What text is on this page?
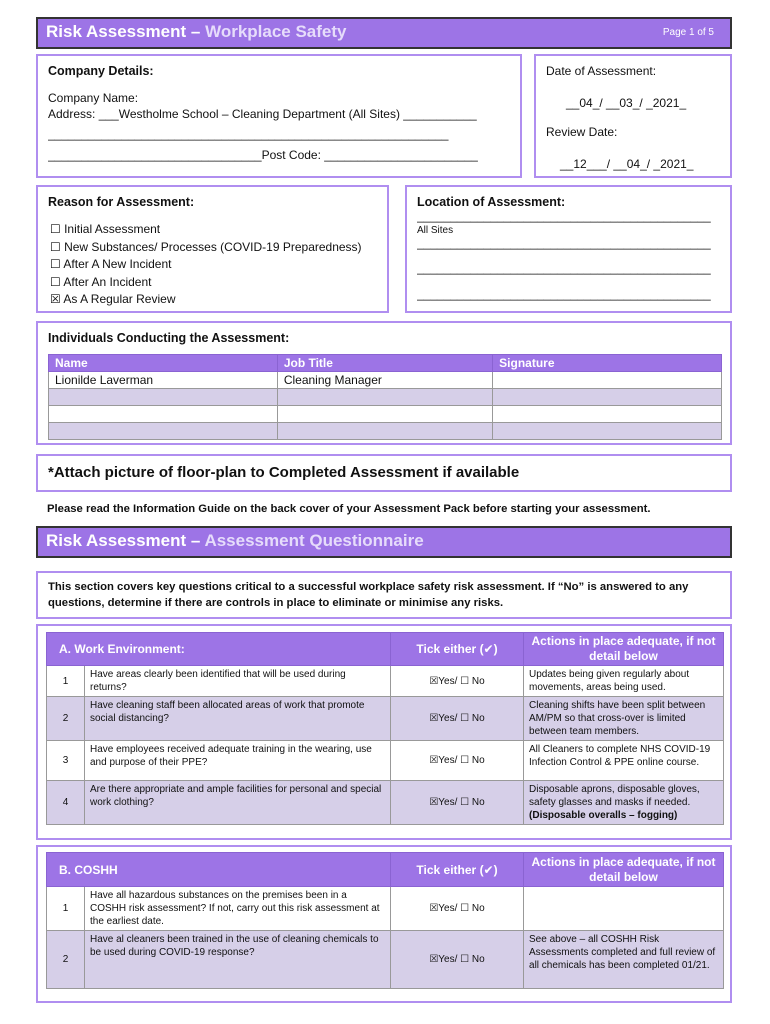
Risk Assessment – Workplace Safety	Page 1 of 5
Company Details:
Company Name:
Address: ___Westholme School – Cleaning Department (All Sites) ___________
____________________________________________________________
________________________________Post Code: _______________________
Date of Assessment:
__04_/ __03_/ _2021_
Review Date:
__12___/ __04_/ _2021_
Reason for Assessment:
☐ Initial Assessment
☐ New Substances/ Processes (COVID-19 Preparedness)
☐ After A New Incident
☐ After An Incident
☒ As A Regular Review
Location of Assessment:
____________________________________________
All Sites
____________________________________________
____________________________________________
____________________________________________
Individuals Conducting the Assessment:
Name	Job Title	Signature
Lionilde Laverman	Cleaning Manager	

*Attach picture of floor-plan to Completed Assessment if available
Please read the Information Guide on the back cover of your Assessment Pack before starting your assessment.
Risk Assessment – Assessment Questionnaire
This section covers key questions critical to a successful workplace safety risk assessment. If “No” is answered to any questions, determine if there are controls in place to eliminate or minimise any risks.
A. Work Environment:		Tick either (✔)	Actions in place adequate, if not detail below
1	Have areas clearly been identified that will be used during returns?	☒Yes/ ☐ No	Updates being given regularly about movements, areas being used.
2	Have cleaning staff been allocated areas of work that promote social distancing?	☒Yes/ ☐ No	Cleaning shifts have been split between AM/PM so that cross-over is limited between team members.
3	Have employees received adequate training in the wearing, use and purpose of their PPE?	☒Yes/ ☐ No	All Cleaners to complete NHS COVID-19 Infection Control & PPE online course.
4	Are there appropriate and ample facilities for personal and special work clothing?	☒Yes/ ☐ No	Disposable aprons, disposable gloves, safety glasses and masks if needed.
(Disposable overalls – fogging)
B. COSHH		Tick either (✔)	Actions in place adequate, if not detail below
1	Have all hazardous substances on the premises been in a COSHH risk assessment? If not, carry out this risk assessment at the earliest date.	☒Yes/ ☐ No	
2	Have al cleaners been trained in the use of cleaning chemicals to be used during COVID-19 response?	☒Yes/ ☐ No	See above – all COSHH Risk Assessments completed and full review of all chemicals has been completed 01/21.
